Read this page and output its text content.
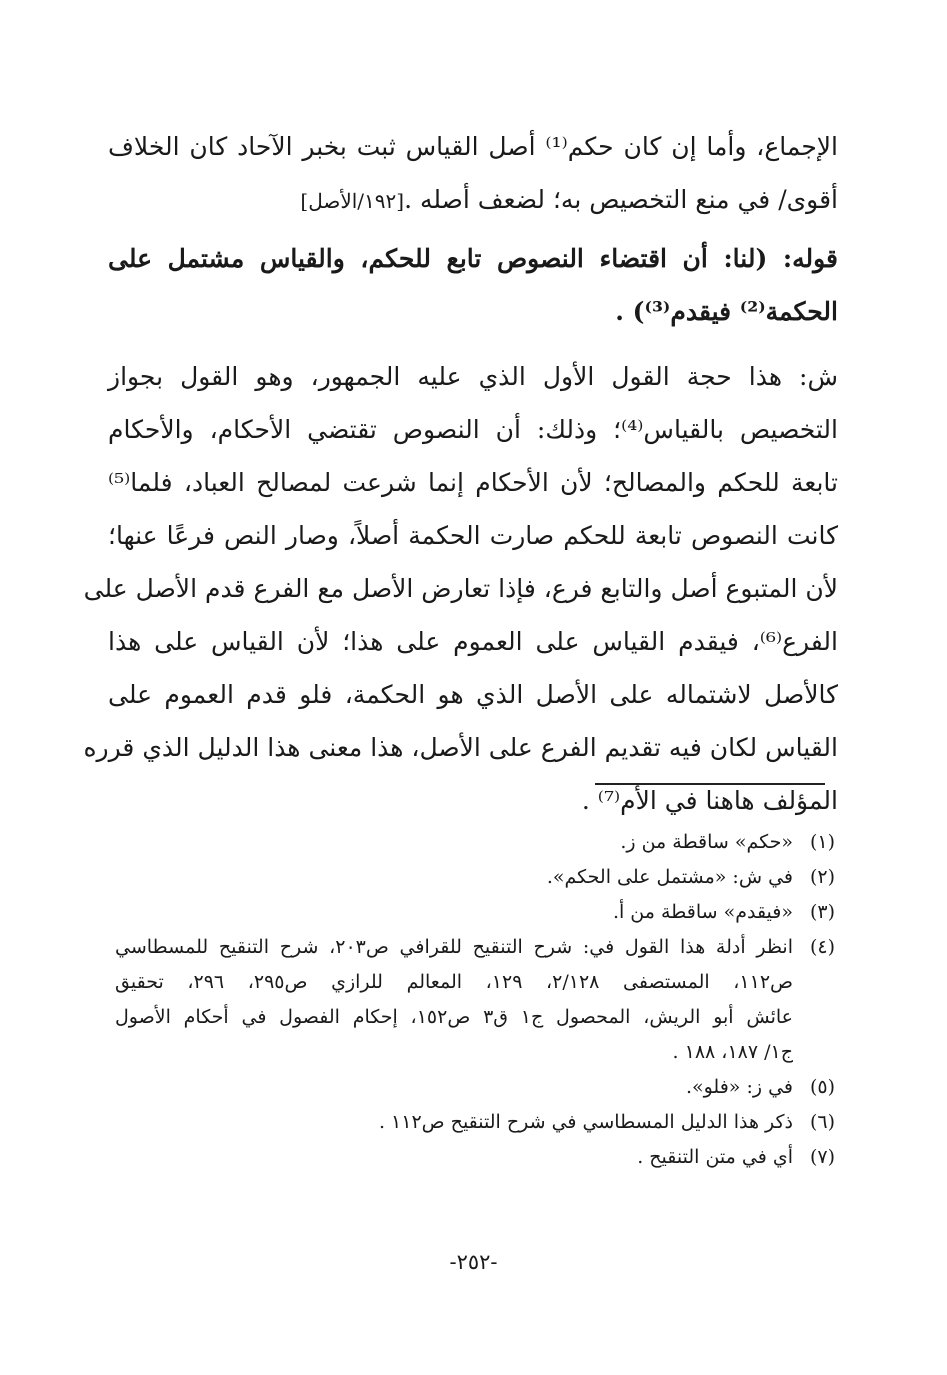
الإجماع، وأما إن كان حكم⁽¹⁾ أصل القياس ثبت بخبر الآحاد كان الخلاف
أقوى/ في منع التخصيص به؛ لضعف أصله .[١٩٢/الأصل]
قوله: (لنا: أن اقتضاء النصوص تابع للحكم، والقياس مشتمل على
الحكمة⁽²⁾ فيقدم⁽³⁾) .
ش: هذا حجة القول الأول الذي عليه الجمهور، وهو القول بجواز
التخصيص بالقياس⁽⁴⁾؛ وذلك: أن النصوص تقتضي الأحكام، والأحكام
تابعة للحكم والمصالح؛ لأن الأحكام إنما شرعت لمصالح العباد، فلما⁽⁵⁾
كانت النصوص تابعة للحكم صارت الحكمة أصلاً، وصار النص فرعًا عنها؛
لأن المتبوع أصل والتابع فرع، فإذا تعارض الأصل مع الفرع قدم الأصل على
الفرع⁽⁶⁾، فيقدم القياس على العموم على هذا؛ لأن القياس على هذا
كالأصل لاشتماله على الأصل الذي هو الحكمة، فلو قدم العموم على
القياس لكان فيه تقديم الفرع على الأصل، هذا معنى هذا الدليل الذي قرره
المؤلف هاهنا في الأم⁽⁷⁾ .
(١)
«حكم» ساقطة من ز.
(٢)
في ش: «مشتمل على الحكم».
(٣)
«فيقدم» ساقطة من أ.
(٤)
انظر أدلة هذا القول في: شرح التنقيح للقرافي ص٢٠٣، شرح التنقيح للمسطاسي
ص١١٢، المستصفى ٢/١٢٨، ١٢٩، المعالم للرازي ص٢٩٥، ٢٩٦، تحقيق
عائش أبو الريش، المحصول ج١ ق٣ ص١٥٢، إحكام الفصول في أحكام الأصول
ج١/ ١٨٧، ١٨٨ .
(٥)
في ز: «فلو».
(٦)
ذكر هذا الدليل المسطاسي في شرح التنقيح ص١١٢ .
(٧)
أي في متن التنقيح .
-٢٥٢-
